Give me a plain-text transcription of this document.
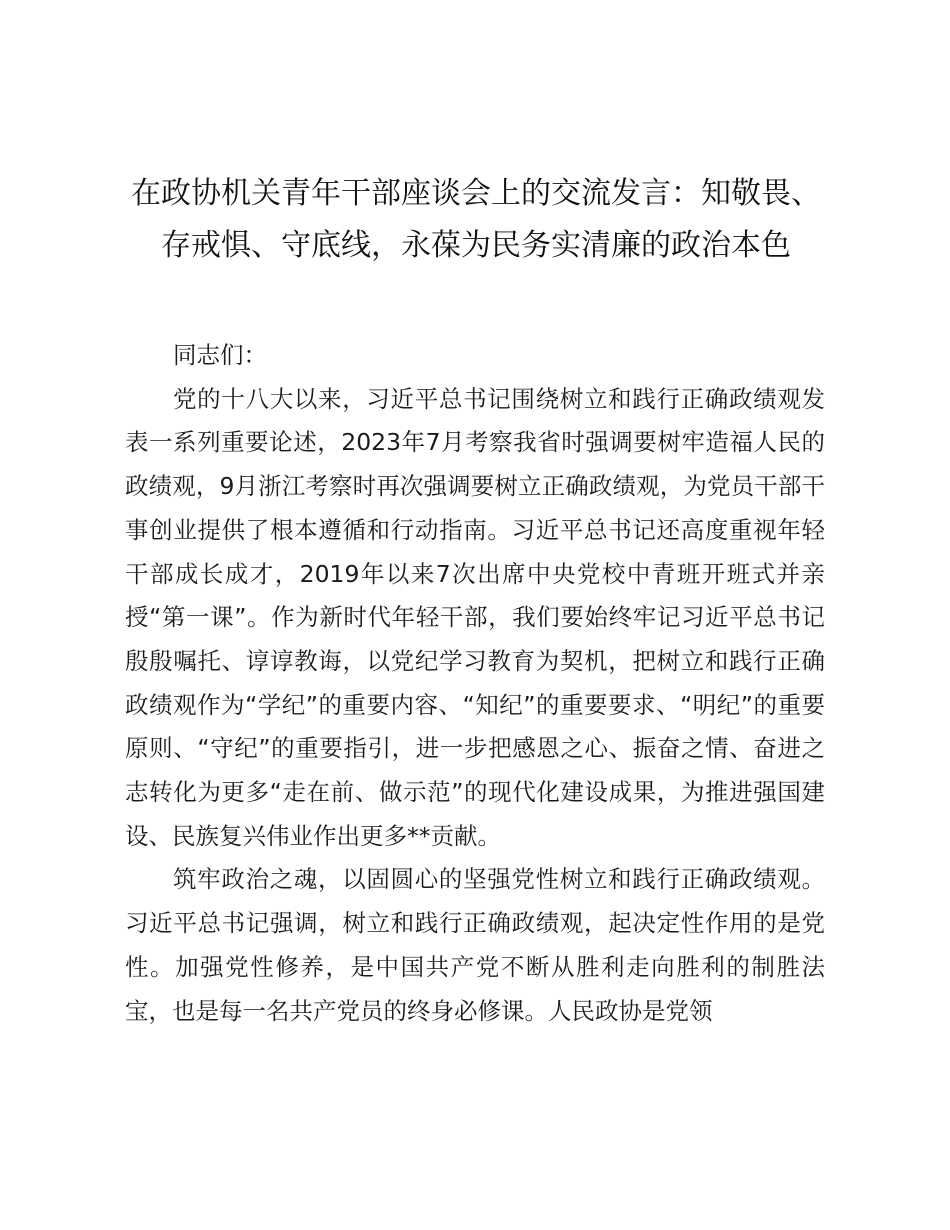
在政协机关青年干部座谈会上的交流发言：知敬畏、存戒惧、守底线，永葆为民务实清廉的政治本色

同志们：

党的十八大以来，习近平总书记围绕树立和践行正确政绩观发表一系列重要论述，2023年7月考察我省时强调要树牢造福人民的政绩观，9月浙江考察时再次强调要树立正确政绩观，为党员干部干事创业提供了根本遵循和行动指南。习近平总书记还高度重视年轻干部成长成才，2019年以来7次出席中央党校中青班开班式并亲授“第一课”。作为新时代年轻干部，我们要始终牢记习近平总书记殷殷嘱托、谆谆教诲，以党纪学习教育为契机，把树立和践行正确政绩观作为“学纪”的重要内容、“知纪”的重要要求、“明纪”的重要原则、“守纪”的重要指引，进一步把感恩之心、振奋之情、奋进之志转化为更多“走在前、做示范”的现代化建设成果，为推进强国建设、民族复兴伟业作出更多**贡献。

筑牢政治之魂，以固圆心的坚强党性树立和践行正确政绩观。习近平总书记强调，树立和践行正确政绩观，起决定性作用的是党性。加强党性修养，是中国共产党不断从胜利走向胜利的制胜法宝，也是每一名共产党员的终身必修课。人民政协是党领
